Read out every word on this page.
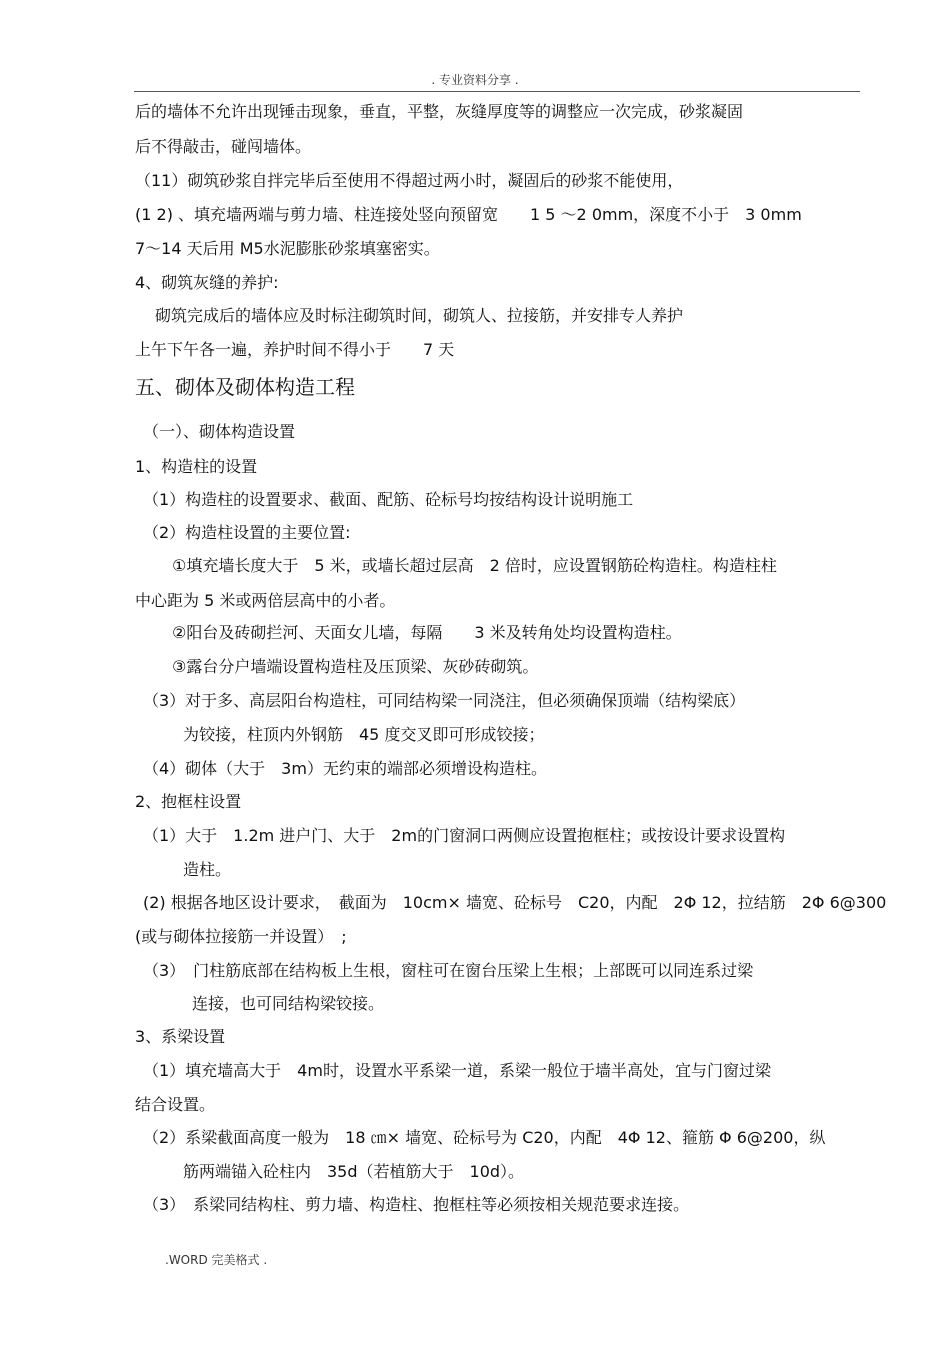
. 专业资料分享 .
后的墙体不允许出现锤击现象，垂直，平整，灰缝厚度等的调整应一次完成，砂浆凝固
后不得敲击，碰闯墙体。
（11）砌筑砂浆自拌完毕后至使用不得超过两小时，凝固后的砂浆不能使用，
(1 2) 、填充墙两端与剪力墙、柱连接处竖向预留宽　　1 5 ～2 0mm，深度不小于　3 0mm
7～14 天后用 M5水泥膨胀砂浆填塞密实。
4、砌筑灰缝的养护:
砌筑完成后的墙体应及时标注砌筑时间，砌筑人、拉接筋，并安排专人养护
上午下午各一遍，养护时间不得小于　　7 天
五、砌体及砌体构造工程
（一）、砌体构造设置
1、构造柱的设置
（1）构造柱的设置要求、截面、配筋、砼标号均按结构设计说明施工
（2）构造柱设置的主要位置:
①填充墙长度大于　5 米，或墙长超过层高　2 倍时，应设置钢筋砼构造柱。构造柱柱
中心距为 5 米或两倍层高中的小者。
②阳台及砖砌拦河、天面女儿墙，每隔　　3 米及转角处均设置构造柱。
③露台分户墙端设置构造柱及压顶梁、灰砂砖砌筑。
（3）对于多、高层阳台构造柱，可同结构梁一同浇注，但必须确保顶端（结构梁底）
为铰接，柱顶内外钢筋　45 度交叉即可形成铰接；
（4）砌体（大于　3m）无约束的端部必须增设构造柱。
2、抱框柱设置
（1）大于　1.2m 进户门、大于　2m的门窗洞口两侧应设置抱框柱；或按设计要求设置构
造柱。
(2) 根据各地区设计要求，　截面为　10cm× 墙宽、砼标号　C20，内配　2Φ 12，拉结筋　2Φ 6@300
(或与砌体拉接筋一并设置）　;
（3）　门柱筋底部在结构板上生根，窗柱可在窗台压梁上生根；上部既可以同连系过梁
连接，也可同结构梁铰接。
3、系梁设置
（1）填充墙高大于　4m时，设置水平系梁一道，系梁一般位于墙半高处，宜与门窗过梁
结合设置。
（2）系梁截面高度一般为　18 ㎝× 墙宽、砼标号为 C20，内配　4Φ 12、箍筋 Φ 6@200，纵
筋两端锚入砼柱内　35d（若植筋大于　10d）。
（3）　系梁同结构柱、剪力墙、构造柱、抱框柱等必须按相关规范要求连接。
.WORD 完美格式 .
